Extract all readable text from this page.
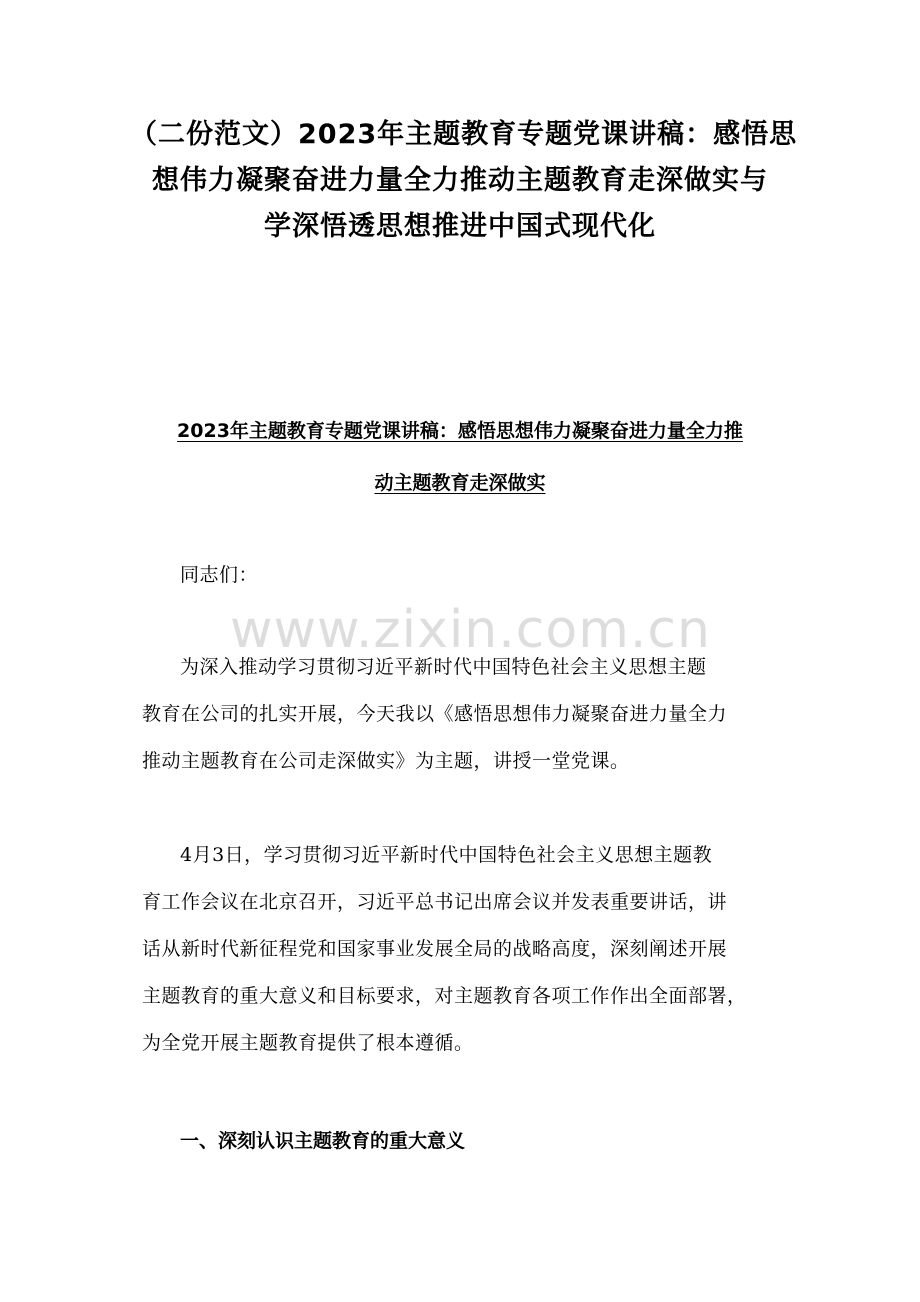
（二份范文）2023年主题教育专题党课讲稿：感悟思
想伟力凝聚奋进力量全力推动主题教育走深做实与
学深悟透思想推进中国式现代化
2023年主题教育专题党课讲稿：感悟思想伟力凝聚奋进力量全力推
动主题教育走深做实
同志们：
www.zixin.com.cn
为深入推动学习贯彻习近平新时代中国特色社会主义思想主题
教育在公司的扎实开展，今天我以《感悟思想伟力凝聚奋进力量全力
推动主题教育在公司走深做实》为主题，讲授一堂党课。
4月3日，学习贯彻习近平新时代中国特色社会主义思想主题教
育工作会议在北京召开，习近平总书记出席会议并发表重要讲话，讲
话从新时代新征程党和国家事业发展全局的战略高度，深刻阐述开展
主题教育的重大意义和目标要求，对主题教育各项工作作出全面部署，
为全党开展主题教育提供了根本遵循。
一、深刻认识主题教育的重大意义
